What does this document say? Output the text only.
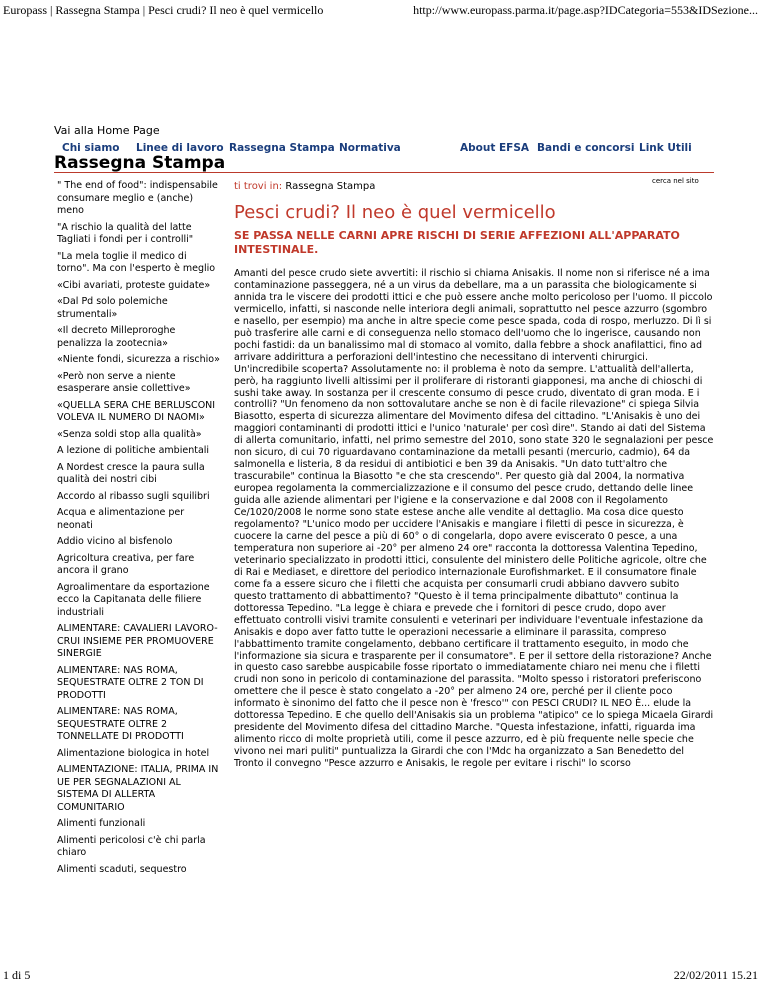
Europass | Rassegna Stampa | Pesci crudi? Il neo è quel vermicello	http://www.europass.parma.it/page.asp?IDCategoria=553&IDSezione...
Vai alla Home Page
Chi siamo Linee di lavoro Rassegna Stampa Normativa	About EFSA Bandi e concorsi Link Utili
Rassegna Stampa
cerca nel sito

" The end of food": indispensabile consumare meglio e (anche) meno

"A rischio la qualità del latte Tagliati i fondi per i controlli"

"La mela toglie il medico di torno". Ma con l'esperto è meglio

«Cibi avariati, proteste guidate»

«Dal Pd solo polemiche strumentali»

«Il decreto Milleproroghe penalizza la zootecnia»

«Niente fondi, sicurezza a rischio»

«Però non serve a niente esasperare ansie collettive»

«QUELLA SERA CHE BERLUSCONI VOLEVA IL NUMERO DI NAOMI»

«Senza soldi stop alla qualità»

A lezione di politiche ambientali

A Nordest cresce la paura sulla qualità dei nostri cibi

Accordo al ribasso sugli squilibri

Acqua e alimentazione per neonati

Addio vicino al bisfenolo

Agricoltura creativa, per fare ancora il grano

Agroalimentare da esportazione ecco la Capitanata delle filiere industriali

ALIMENTARE: CAVALIERI LAVORO-CRUI INSIEME PER PROMUOVERE SINERGIE

ALIMENTARE: NAS ROMA, SEQUESTRATE OLTRE 2 TON DI PRODOTTI

ALIMENTARE: NAS ROMA, SEQUESTRATE OLTRE 2 TONNELLATE DI PRODOTTI

Alimentazione biologica in hotel

ALIMENTAZIONE: ITALIA, PRIMA IN UE PER SEGNALAZIONI AL SISTEMA DI ALLERTA COMUNITARIO

Alimenti funzionali

Alimenti pericolosi c'è chi parla chiaro

Alimenti scaduti, sequestro

ti trovi in: Rassegna Stampa
Pesci crudi? Il neo è quel vermicello
SE PASSA NELLE CARNI APRE RISCHI DI SERIE AFFEZIONI ALL'APPARATO INTESTINALE.

Amanti del pesce crudo siete avvertiti: il rischio si chiama Anisakis. Il nome non si riferisce né a ima contaminazione passeggera, né a un virus da debellare, ma a un parassita che biologicamente si annida tra le viscere dei prodotti ittici e che può essere anche molto pericoloso per l'uomo. Il piccolo vermicello, infatti, si nasconde nelle interiora degli animali, soprattutto nel pesce azzurro (sgombro e nasello, per esempio) ma anche in altre specie come pesce spada, coda di rospo, merluzzo. Di lì si può trasferire alle carni e di conseguenza nello stomaco dell'uomo che lo ingerisce, causando non pochi fastidi: da un banalissimo mal di stomaco al vomito, dalla febbre a shock anafilattici, fino ad arrivare addirittura a perforazioni dell'intestino che necessitano di interventi chirurgici. Un'incredibile scoperta? Assolutamente no: il problema è noto da sempre. L'attualità dell'allerta, però, ha raggiunto livelli altissimi per il proliferare di ristoranti giapponesi, ma anche di chioschi di sushi take away. In sostanza per il crescente consumo di pesce crudo, diventato di gran moda. E i controlli? "Un fenomeno da non sottovalutare anche se non è di facile rilevazione" ci spiega Silvia Biasotto, esperta di sicurezza alimentare del Movimento difesa del cittadino. "L'Anisakis è uno dei maggiori contaminanti di prodotti ittici e l'unico 'naturale' per così dire". Stando ai dati del Sistema di allerta comunitario, infatti, nel primo semestre del 2010, sono state 320 le segnalazioni per pesce non sicuro, di cui 70 riguardavano contaminazione da metalli pesanti (mercurio, cadmio), 64 da salmonella e listeria, 8 da residui di antibiotici e ben 39 da Anisakis. "Un dato tutt'altro che trascurabile" continua la Biasotto "e che sta crescendo". Per questo già dal 2004, la normativa europea regolamenta la commercializzazione e il consumo del pesce crudo, dettando delle linee guida alle aziende alimentari per l'igiene e la conservazione e dal 2008 con il Regolamento Ce/1020/2008 le norme sono state estese anche alle vendite al dettaglio. Ma cosa dice questo regolamento? "L'unico modo per uccidere l'Anisakis e mangiare i filetti di pesce in sicurezza, è cuocere la carne del pesce a più di 60° o di congelarla, dopo avere eviscerato 0 pesce, a una temperatura non superiore ai -20° per almeno 24 ore" racconta la dottoressa Valentina Tepedino, veterinario specializzato in prodotti ittici, consulente del ministero delle Politiche agricole, oltre che di Rai e Mediaset, e direttore del periodico internazionale Eurofishmarket. E il consumatore finale come fa a essere sicuro che i filetti che acquista per consumarli crudi abbiano davvero subito questo trattamento di abbattimento? "Questo è il tema principalmente dibattuto" continua la dottoressa Tepedino. "La legge è chiara e prevede che i fornitori di pesce crudo, dopo aver effettuato controlli visivi tramite consulenti e veterinari per individuare l'eventuale infestazione da Anisakis e dopo aver fatto tutte le operazioni necessarie a eliminare il parassita, compreso l'abbattimento tramite congelamento, debbano certificare il trattamento eseguito, in modo che l'informazione sia sicura e trasparente per il consumatore". E per il settore della ristorazione? Anche in questo caso sarebbe auspicabile fosse riportato o immediatamente chiaro nei menu che i filetti crudi non sono in pericolo di contaminazione del parassita. "Molto spesso i ristoratori preferiscono omettere che il pesce è stato congelato a -20° per almeno 24 ore, perché per il cliente poco informato è sinonimo del fatto che il pesce non è 'fresco'" con PESCI CRUDI? IL NEO È... elude la dottoressa Tepedino. E che quello dell'Anisakis sia un problema "atipico" ce lo spiega Micaela Girardi presidente del Movimento difesa del cittadino Marche. "Questa infestazione, infatti, riguarda ima alimento ricco di molte proprietà utili, come il pesce azzurro, ed è più frequente nelle specie che vivono nei mari puliti" puntualizza la Girardi che con l'Mdc ha organizzato a San Benedetto del Tronto il convegno "Pesce azzurro e Anisakis, le regole per evitare i rischi" lo scorso

1 di 5	22/02/2011 15.21
